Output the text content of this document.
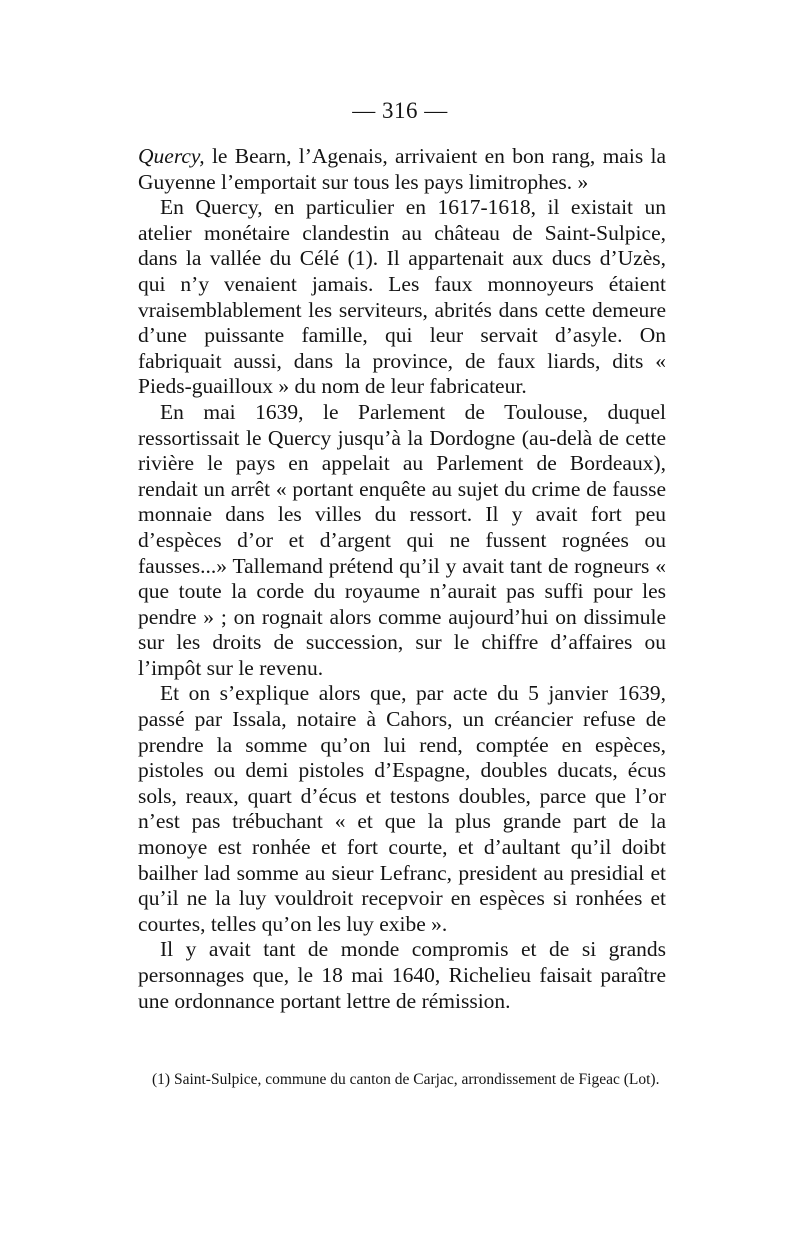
— 316 —

Quercy, le Bearn, l’Agenais, arrivaient en bon rang, mais la Guyenne l’emportait sur tous les pays limitrophes. »

En Quercy, en particulier en 1617-1618, il existait un atelier monétaire clandestin au château de Saint-Sulpice, dans la vallée du Célé (1). Il appartenait aux ducs d’Uzès, qui n’y venaient jamais. Les faux monnoyeurs étaient vraisemblablement les serviteurs, abrités dans cette demeure d’une puissante famille, qui leur servait d’asyle. On fabriquait aussi, dans la province, de faux liards, dits « Pieds-guailloux » du nom de leur fabricateur.

En mai 1639, le Parlement de Toulouse, duquel ressortissait le Quercy jusqu’à la Dordogne (au-delà de cette rivière le pays en appelait au Parlement de Bordeaux), rendait un arrêt « portant enquête au sujet du crime de fausse monnaie dans les villes du ressort. Il y avait fort peu d’espèces d’or et d’argent qui ne fussent rognées ou fausses...» Tallemand prétend qu’il y avait tant de rogneurs « que toute la corde du royaume n’aurait pas suffi pour les pendre » ; on rognait alors comme aujourd’hui on dissimule sur les droits de succession, sur le chiffre d’affaires ou l’impôt sur le revenu.

Et on s’explique alors que, par acte du 5 janvier 1639, passé par Issala, notaire à Cahors, un créancier refuse de prendre la somme qu’on lui rend, comptée en espèces, pistoles ou demi pistoles d’Espagne, doubles ducats, écus sols, reaux, quart d’écus et testons doubles, parce que l’or n’est pas trébuchant « et que la plus grande part de la monoye est ronhée et fort courte, et d’aultant qu’il doibt bailher lad somme au sieur Lefranc, president au presidial et qu’il ne la luy vouldroit recepvoir en espèces si ronhées et courtes, telles qu’on les luy exibe ».

Il y avait tant de monde compromis et de si grands personnages que, le 18 mai 1640, Richelieu faisait paraître une ordonnance portant lettre de rémission.

(1) Saint-Sulpice, commune du canton de Carjac, arrondissement de Figeac (Lot).
